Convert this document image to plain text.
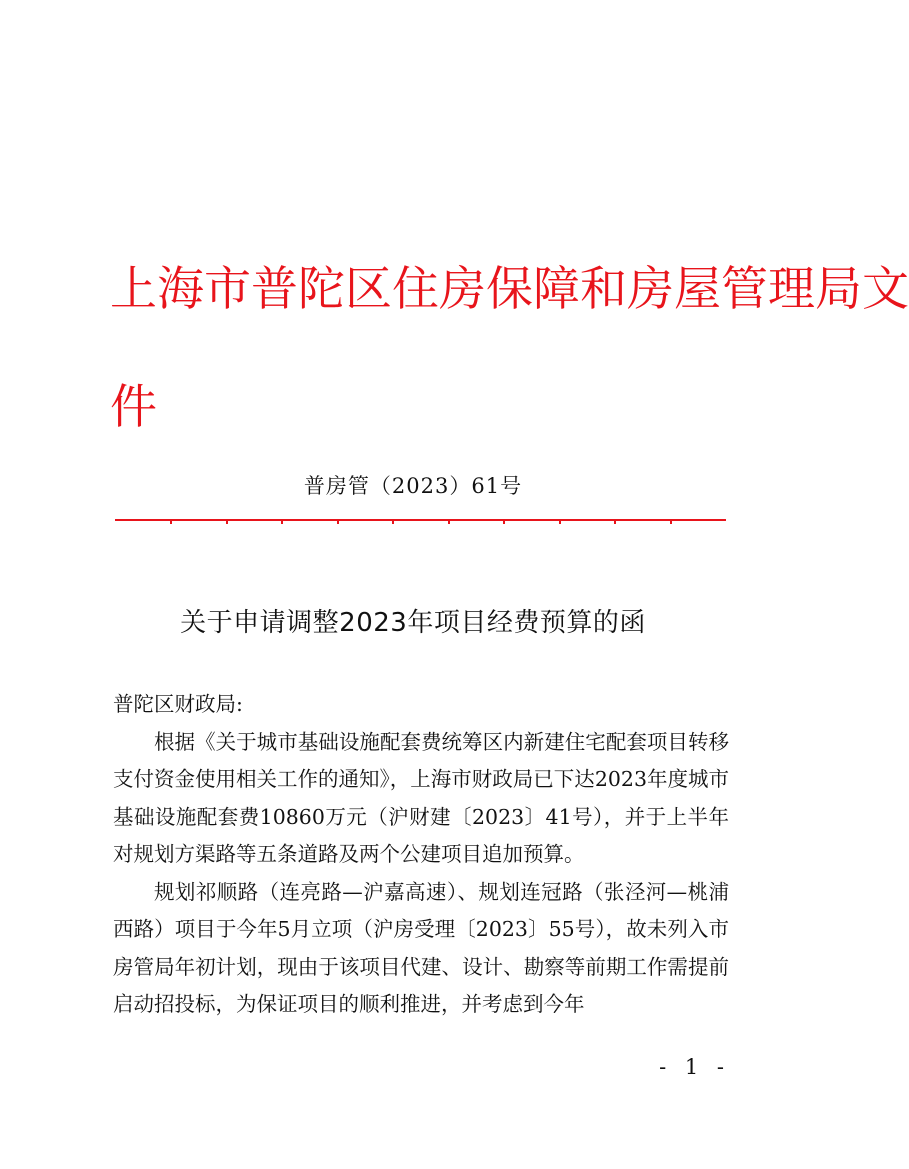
上海市普陀区住房保障和房屋管理局文
件
普房管（2023）61号
关于申请调整2023年项目经费预算的函

普陀区财政局:

根据《关于城市基础设施配套费统筹区内新建住宅配套项目转移支付资金使用相关工作的通知》，上海市财政局已下达2023年度城市基础设施配套费10860万元（沪财建〔2023〕41号），并于上半年对规划方渠路等五条道路及两个公建项目追加预算。

规划祁顺路（连亮路—沪嘉高速）、规划连冠路（张泾河—桃浦西路）项目于今年5月立项（沪房受理〔2023〕55号），故未列入市房管局年初计划，现由于该项目代建、设计、勘察等前期工作需提前启动招投标，为保证项目的顺利推进，并考虑到今年

- 1 -
